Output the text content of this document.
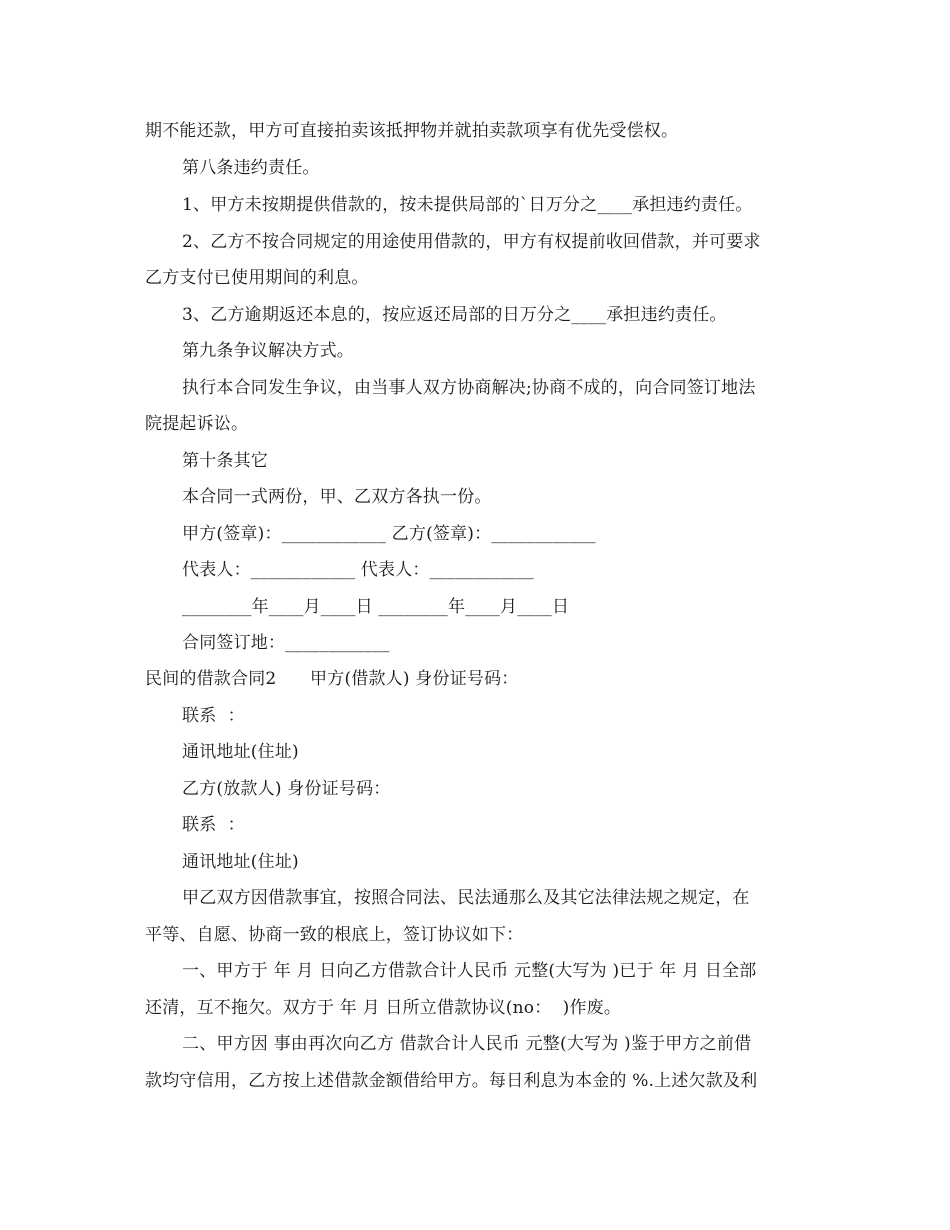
期不能还款，甲方可直接拍卖该抵押物并就拍卖款项享有优先受偿权。
第八条违约责任。
1、甲方未按期提供借款的，按未提供局部的`日万分之____承担违约责任。
2、乙方不按合同规定的用途使用借款的，甲方有权提前收回借款，并可要求
乙方支付已使用期间的利息。
3、乙方逾期返还本息的，按应返还局部的日万分之____承担违约责任。
第九条争议解决方式。
执行本合同发生争议，由当事人双方协商解决;协商不成的，向合同签订地法
院提起诉讼。
第十条其它
本合同一式两份，甲、乙双方各执一份。
甲方(签章)：____________ 乙方(签章)：____________
代表人：____________ 代表人：____________
________年____月____日 ________年____月____日
合同签订地：____________
民间的借款合同2      甲方(借款人) 身份证号码：
联系  ：
通讯地址(住址)
乙方(放款人) 身份证号码：
联系  ：
通讯地址(住址)
甲乙双方因借款事宜，按照合同法、民法通那么及其它法律法规之规定，在
平等、自愿、协商一致的根底上，签订协议如下：
一、甲方于 年 月 日向乙方借款合计人民币 元整(大写为 )已于 年 月 日全部
还清，互不拖欠。双方于 年 月 日所立借款协议(no：  )作废。
二、甲方因 事由再次向乙方 借款合计人民币 元整(大写为 )鉴于甲方之前借
款均守信用，乙方按上述借款金额借给甲方。每日利息为本金的 %.上述欠款及利
